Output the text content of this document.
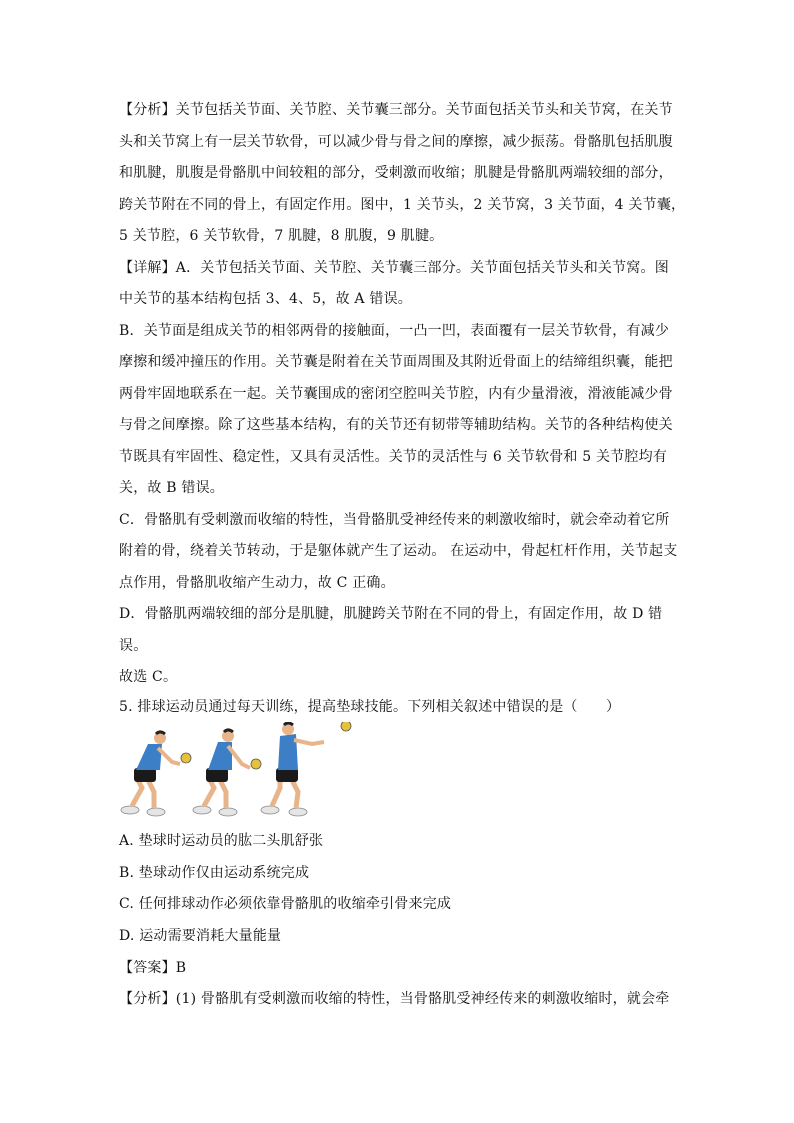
【分析】关节包括关节面、关节腔、关节囊三部分。关节面包括关节头和关节窝，在关节
头和关节窝上有一层关节软骨，可以减少骨与骨之间的摩擦，减少振荡。骨骼肌包括肌腹
和肌腱，肌腹是骨骼肌中间较粗的部分，受刺激而收缩；肌腱是骨骼肌两端较细的部分，
跨关节附在不同的骨上，有固定作用。图中，1 关节头，2 关节窝，3 关节面，4 关节囊，
5 关节腔，6 关节软骨，7 肌腱，8 肌腹，9 肌腱。
【详解】A．关节包括关节面、关节腔、关节囊三部分。关节面包括关节头和关节窝。图
中关节的基本结构包括 3、4、5，故 A 错误。
B．关节面是组成关节的相邻两骨的接触面，一凸一凹，表面覆有一层关节软骨，有减少
摩擦和缓冲撞压的作用。关节囊是附着在关节面周围及其附近骨面上的结缔组织囊，能把
两骨牢固地联系在一起。关节囊围成的密闭空腔叫关节腔，内有少量滑液，滑液能减少骨
与骨之间摩擦。除了这些基本结构，有的关节还有韧带等辅助结构。关节的各种结构使关
节既具有牢固性、稳定性，又具有灵活性。关节的灵活性与 6 关节软骨和 5 关节腔均有
关，故 B 错误。
C．骨骼肌有受刺激而收缩的特性，当骨骼肌受神经传来的刺激收缩时，就会牵动着它所
附着的骨，绕着关节转动，于是躯体就产生了运动。 在运动中，骨起杠杆作用，关节起支
点作用，骨骼肌收缩产生动力，故 C 正确。
D．骨骼肌两端较细的部分是肌腱，肌腱跨关节附在不同的骨上，有固定作用，故 D 错
误。
故选 C。
5. 排球运动员通过每天训练，提高垫球技能。下列相关叙述中错误的是（　　）
A. 垫球时运动员的肱二头肌舒张
B. 垫球动作仅由运动系统完成
C. 任何排球动作必须依靠骨骼肌的收缩牵引骨来完成
D. 运动需要消耗大量能量
【答案】B
【分析】(1) 骨骼肌有受刺激而收缩的特性，当骨骼肌受神经传来的刺激收缩时，就会牵
